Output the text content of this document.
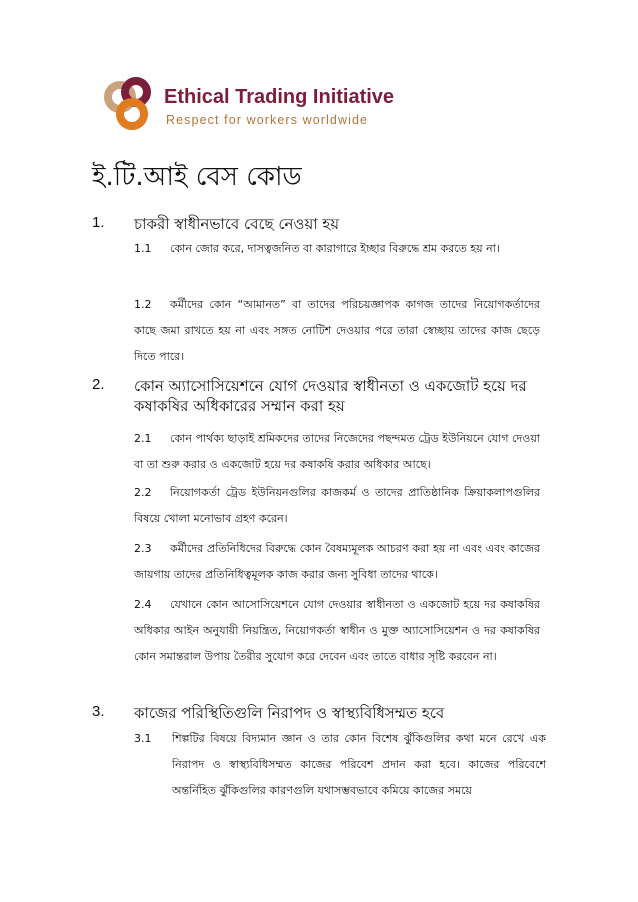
Ethical Trading Initiative
Respect for workers worldwide
ই.টি.আই বেস কোড
1. চাকরী স্বাধীনভাবে বেছে নেওয়া হয়
1.1 কোন জোর করে, দাসত্বজনিত বা কারাগারে ইচ্ছার বিরুদ্ধে শ্রম করতে হয় না।
1.2 কর্মীদের কোন “আমানত” বা তাদের পরিচয়জ্ঞাপক কাগজ তাদের নিয়োগকর্তাদের কাছে জমা রাখতে হয় না এবং সঙ্গত নোটিশ দেওয়ার পরে তারা স্বেচ্ছায় তাদের কাজ ছেড়ে দিতে পারে।
2. কোন অ্যাসোসিয়েশনে যোগ দেওয়ার স্বাধীনতা ও একজোট হয়ে দর কষাকষির অধিকারের সম্মান করা হয়
2.1 কোন পার্থক্য ছাড়াই শ্রমিকদের তাদের নিজেদের পছন্দমত ট্রেড ইউনিয়নে যোগ দেওয়া বা তা শুরু করার ও একজোট হয়ে দর কষাকষি করার অধিকার আছে।
2.2 নিয়োগকর্তা ট্রেড ইউনিয়নগুলির কাজকর্ম ও তাদের প্রাতিষ্ঠানিক ক্রিয়াকলাপগুলির বিষয়ে খোলা মনোভাব গ্রহণ করেন।
2.3 কর্মীদের প্রতিনিধিদের বিরুদ্ধে কোন বৈষম্যমূলক আচরণ করা হয় না এবং এবং কাজের জায়গায় তাদের প্রতিনিধিত্বমূলক কাজ করার জন্য সুবিধা তাদের থাকে।
2.4 যেখানে কোন আসোসিয়েশনে যোগ দেওয়ার স্বাধীনতা ও একজোট হয়ে দর কষাকষির অধিকার আইন অনুযায়ী নিয়ন্ত্রিত, নিয়োগকর্তা স্বাধীন ও মুক্ত অ্যাসোসিয়েশন ও দর কষাকষির কোন সমান্তরাল উপায় তৈরীর সুযোগ করে দেবেন এবং তাতে বাধার সৃষ্টি করবেন না।
3. কাজের পরিস্থিতিগুলি নিরাপদ ও স্বাস্থ্যবিধিসম্মত হবে
3.1	শিল্পটির বিষয়ে বিদ্যমান জ্ঞান ও তার কোন বিশেষ ঝুঁকিগুলির কথা মনে রেখে এক নিরাপদ ও স্বাস্থ্যবিধিসম্মত কাজের পরিবেশ প্রদান করা হবে। কাজের পরিবেশে অন্তর্নিহিত ঝুঁকিগুলির কারণগুলি যথাসম্ভবভাবে কমিয়ে কাজের সময়ে
